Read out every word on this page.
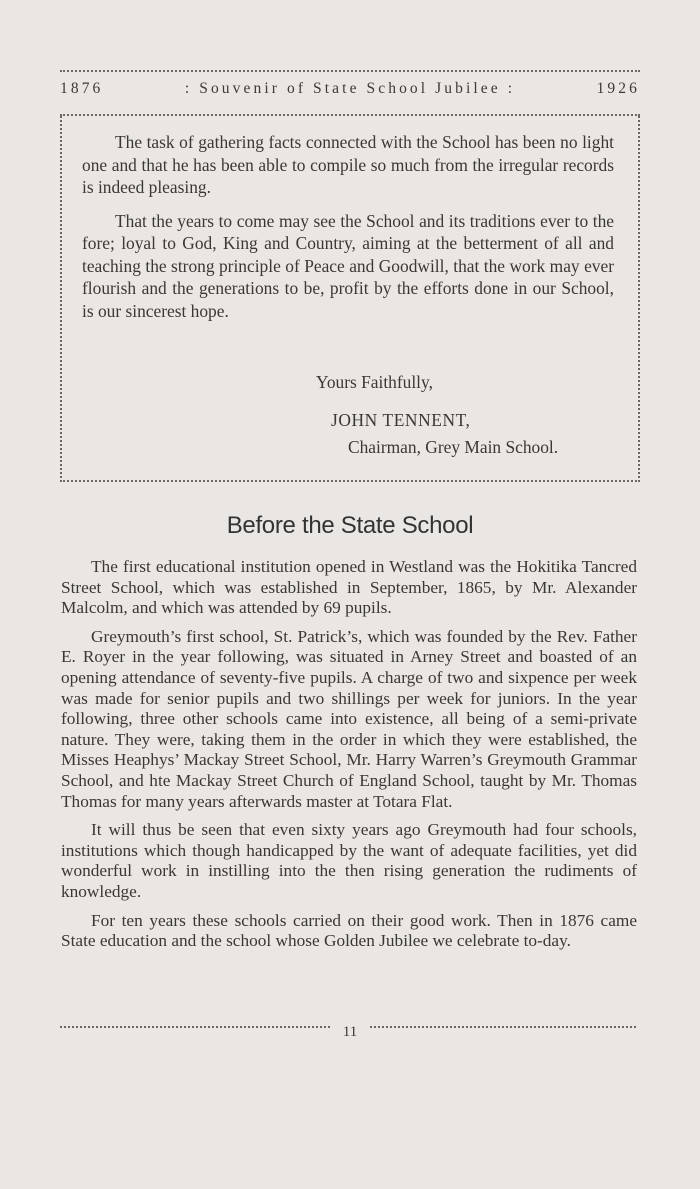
1876	: Souvenir of State School Jubilee :	1926

The task of gathering facts connected with the School has been no light one and that he has been able to compile so much from the irregular records is indeed pleasing.

That the years to come may see the School and its traditions ever to the fore; loyal to God, King and Country, aiming at the betterment of all and teaching the strong principle of Peace and Goodwill, that the work may ever flourish and the generations to be, profit by the efforts done in our School, is our sincerest hope.

Yours Faithfully,
JOHN TENNENT,
Chairman, Grey Main School.
Before the State School

The first educational institution opened in Westland was the Hokitika Tancred Street School, which was established in September, 1865, by Mr. Alexander Malcolm, and which was attended by 69 pupils.

Greymouth’s first school, St. Patrick’s, which was founded by the Rev. Father E. Royer in the year following, was situated in Arney Street and boasted of an opening attendance of seventy-five pupils. A charge of two and sixpence per week was made for senior pupils and two shillings per week for juniors. In the year following, three other schools came into existence, all being of a semi-private nature. They were, taking them in the order in which they were established, the Misses Heaphys’ Mackay Street School, Mr. Harry Warren’s Greymouth Grammar School, and hte Mackay Street Church of England School, taught by Mr. Thomas Thomas for many years afterwards master at Totara Flat.

It will thus be seen that even sixty years ago Greymouth had four schools, institutions which though handicapped by the want of adequate facilities, yet did wonderful work in instilling into the then rising generation the rudiments of knowledge.

For ten years these schools carried on their good work. Then in 1876 came State education and the school whose Golden Jubilee we celebrate to-day.

11
